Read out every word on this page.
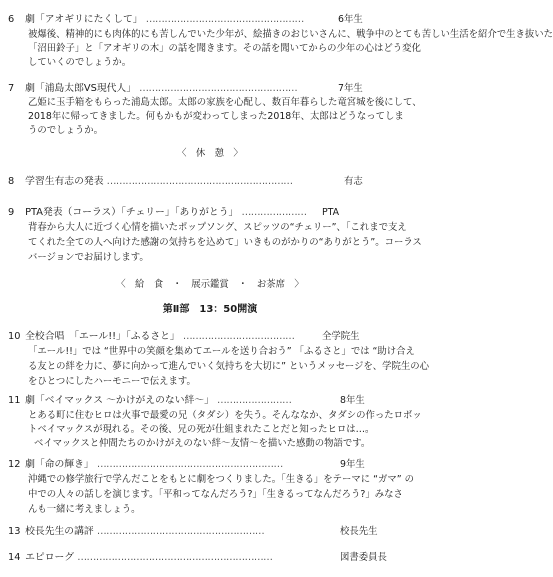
6 劇「アオギリにたくして」 ……………………………………………	6年生
被爆後、精神的にも肉体的にも苦しんでいた少年が、絵描きのおじいさんに、戦争中のとても苦しい生活を紹介で生き抜いた
「沼田鈴子」と「アオギリの木」の話を聞きます。その話を聞いてからの少年の心はどう変化
していくのでしょうか。
7 劇「浦島太郎VS現代人」 ……………………………………………	7年生
乙姫に玉手箱をもらった浦島太郎。太郎の家族を心配し、数百年暮らした竜宮城を後にして、
2018年に帰ってきました。何もかもが変わってしまった2018年、太郎はどうなってしま
うのでしょうか。
〈　休　憩　〉
8 学習生有志の発表 ……………………………………………………	有志
9 PTA発表（コーラス）「チェリー」「ありがとう」 ………………… PTA
背春から大人に近づく心情を描いたポップソング、スピッツの“チェリー”、「これまで支え
てくれた全ての人へ向けた感謝の気持ちを込めて」いきものがかりの“ありがとう”。コーラス
バージョンでお届けします。
〈　給　食　・　展示鑑賞　・　お茶席　〉
第Ⅱ部　13：50開演
10 全校合唱　「エール!!」「ふるさと」 ………………………………	全学院生
「エール!!」では “世界中の笑顔を集めてエールを送り合おう” 「ふるさと」では “助け合え
る友との絆を力に、夢に向かって進んでいく気持ちを大切に” というメッセージを、学院生の心
をひとつにしたハーモニーで伝えます。
11 劇「ベイマックス ～かけがえのない絆～」 ……………………	8年生
とある町に住むヒロは火事で最愛の兄（タダシ）を失う。そんななか、タダシの作ったロボッ
トベイマックスが現れる。その後、兄の死が仕組まれたことだと知ったヒロは…。
ベイマックスと仲間たちのかけがえのない絆～友情～を描いた感動の物語です。
12 劇「命の輝き」 ……………………………………………………	9年生
沖縄での修学旅行で学んだことをもとに劇をつくりました。「生きる」をテーマに “ガマ” の
中での人々の話しを演じます。「平和ってなんだろう?」「生きるってなんだろう?」みなさ
んも一緒に考えましょう。
13 校長先生の講評 ………………………………………………	校長先生
14 エピローグ ………………………………………………………	図書委員長
